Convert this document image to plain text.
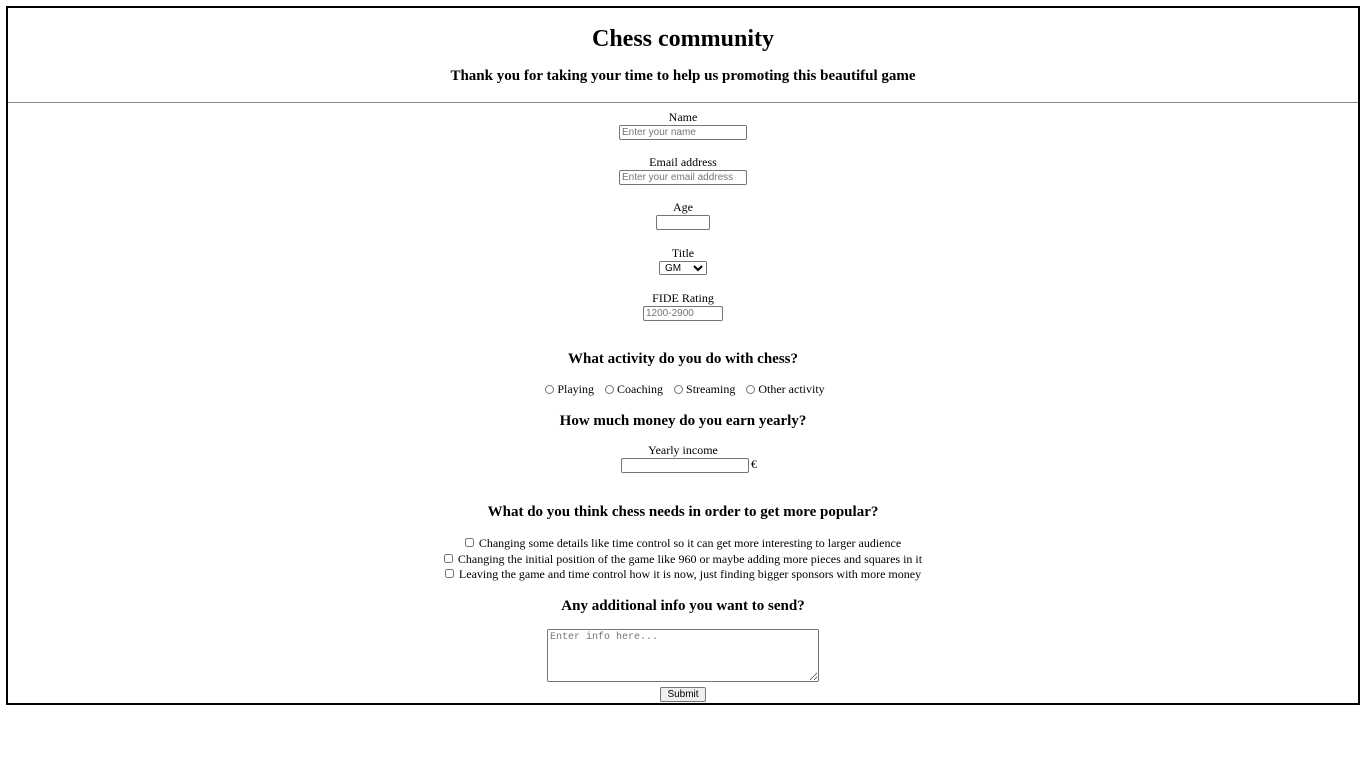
Chess community
Thank you for taking your time to help us promoting this beautiful game
Name
Enter your name
Email address
Enter your email address
Age
Title
GM
FIDE Rating
1200-2900
What activity do you do with chess?
Playing Coaching Streaming Other activity
How much money do you earn yearly?
Yearly income
€
What do you think chess needs in order to get more popular?
Changing some details like time control so it can get more interesting to larger audience
Changing the initial position of the game like 960 or maybe adding more pieces and squares in it
Leaving the game and time control how it is now, just finding bigger sponsors with more money
Any additional info you want to send?
Enter info here...
Submit
